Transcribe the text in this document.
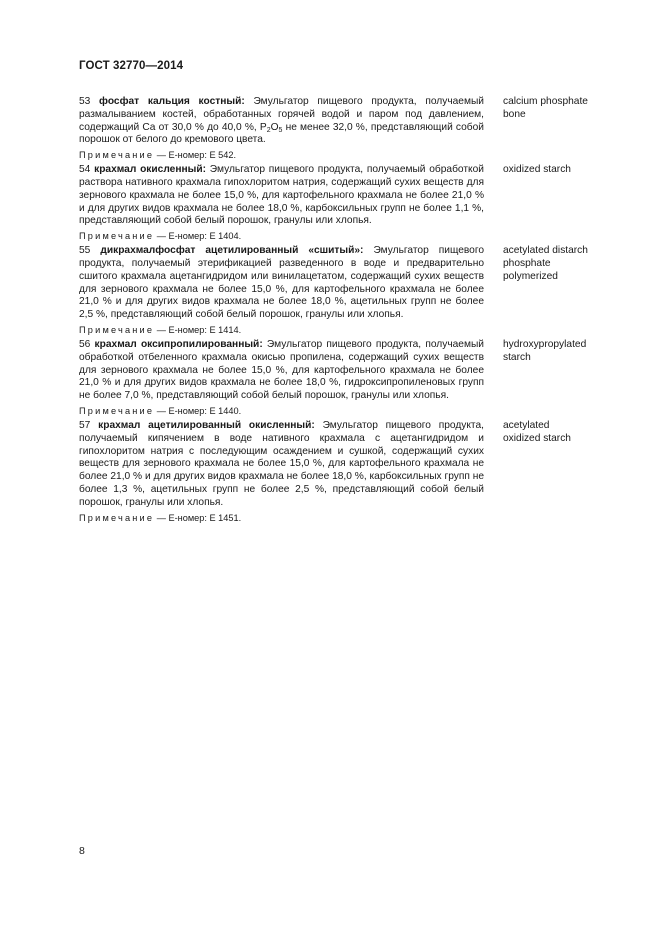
ГОСТ 32770—2014
53 фосфат кальция костный: Эмульгатор пищевого продукта, получаемый размалыванием костей, обработанных горячей водой и паром под давлением, содержащий Са от 30,0 % до 40,0 %, $Р_2О_5$ не менее 32,0 %, представляющий собой порошок от белого до кремового цвета.
Примечание — Е-номер: Е 542.
calcium phosphate
bone
54 крахмал окисленный: Эмульгатор пищевого продукта, получаемый обработкой раствора нативного крахмала гипохлоритом натрия, содержащий сухих веществ для зернового крахмала не более 15,0 %, для картофельного крахмала не более 21,0 % и для других видов крахмала не более 18,0 %, карбоксильных групп не более 1,1 %, представляющий собой белый порошок, гранулы или хлопья.
Примечание — Е-номер: Е 1404.
oxidized starch
55 дикрахмалфосфат ацетилированный «сшитый»: Эмульгатор пищевого продукта, получаемый этерификацией разведенного в воде и предварительно сшитого крахмала ацетангидридом или винилацетатом, содержащий сухих веществ для зернового крахмала не более 15,0 %, для картофельного крахмала не более 21,0 % и для других видов крахмала не более 18,0 %, ацетильных групп не более 2,5 %, представляющий собой белый порошок, гранулы или хлопья.
Примечание — Е-номер: Е 1414.
acetylated distarch
phosphate
polymerized
56 крахмал оксипропилированный: Эмульгатор пищевого продукта, получаемый обработкой отбеленного крахмала окисью пропилена, содержащий сухих веществ для зернового крахмала не более 15,0 %, для картофельного крахмала не более 21,0 % и для других видов крахмала не более 18,0 %, гидроксипропиленовых групп не более 7,0 %, представляющий собой белый порошок, гранулы или хлопья.
Примечание — Е-номер: Е 1440.
hydroxypropylated
starch
57 крахмал ацетилированный окисленный: Эмульгатор пищевого продукта, получаемый кипячением в воде нативного крахмала с ацетангидридом и гипохлоритом натрия с последующим осаждением и сушкой, содержащий сухих веществ для зернового крахмала не более 15,0 %, для картофельного крахмала не более 21,0 % и для других видов крахмала не более 18,0 %, карбоксильных групп не более 1,3 %, ацетильных групп не более 2,5 %, представляющий собой белый порошок, гранулы или хлопья.
Примечание — Е-номер: Е 1451.
acetylated
oxidized starch
8
